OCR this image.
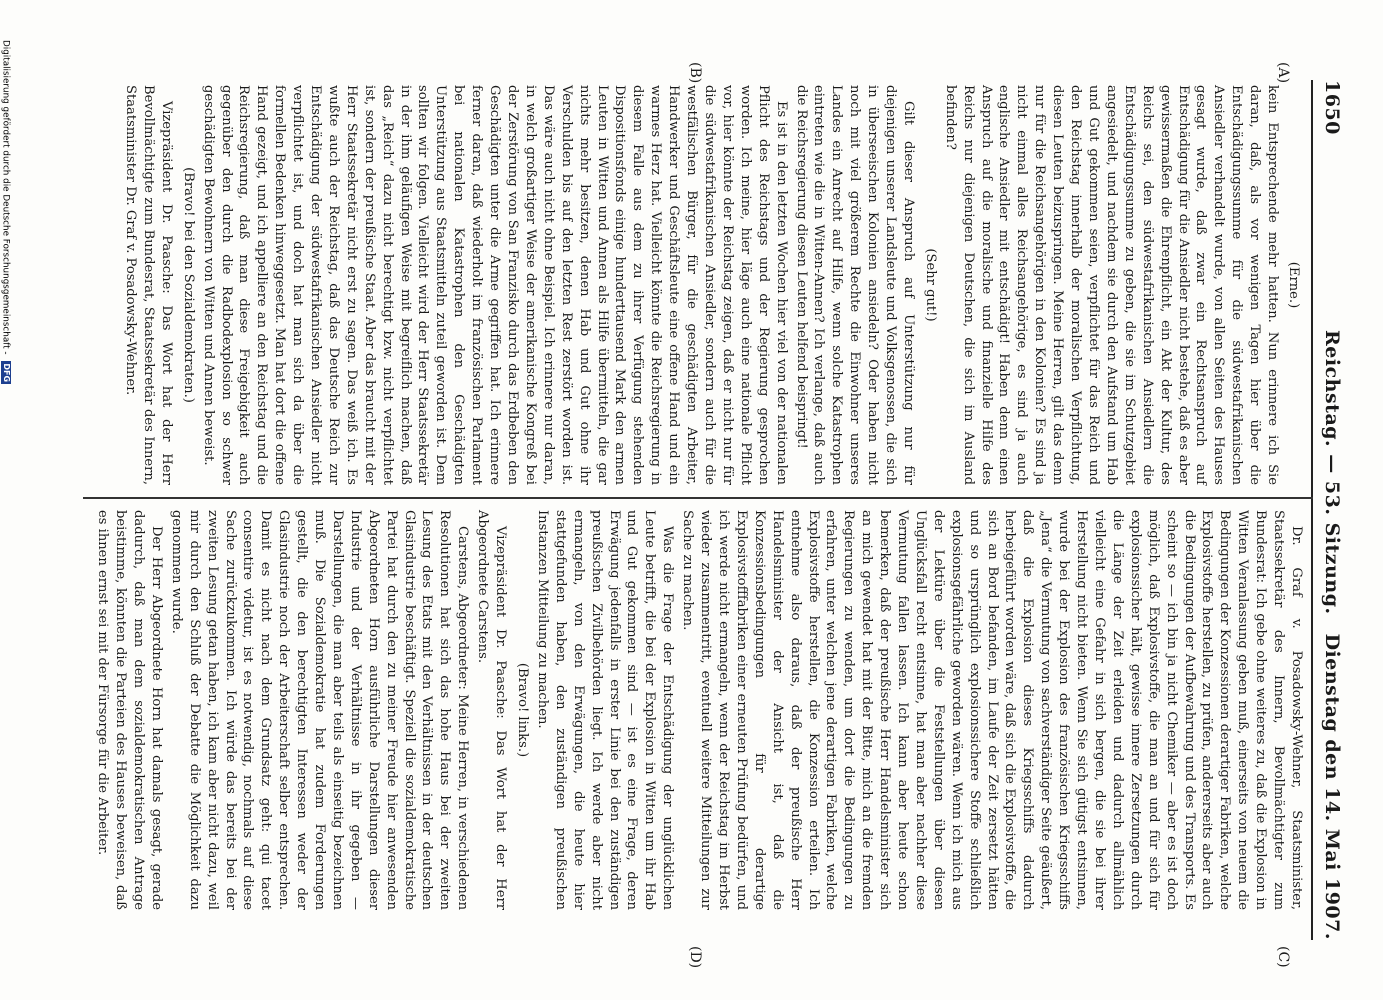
1650
Reichstag. — 53. Sitzung.
Dienstag den 14. Mai 1907.
(A)
(B)
(C)
(D)

(Erne.)

kein Entsprechende mehr hatten. Nun erinnere ich Sie daran, daß, als vor wenigen Tagen hier über die Entschädigungssumme für die südwestafrikanischen Ansiedler verhandelt wurde, von allen Seiten des Hauses gesagt wurde, daß zwar ein Rechtsanspruch auf Entschädigung für die Ansiedler nicht bestehe, daß es aber gewissermaßen die Ehrenpflicht, ein Akt der Kultur, des Reichs sei, den südwestafrikanischen Ansiedlern die Entschädigungssumme zu geben, die sie im Schutzgebiet angesiedelt, und nachdem sie durch den Aufstand um Hab und Gut gekommen seien, verpflichtet für das Reich und den Reichstag innerhalb der moralischen Verpflichtung, diesen Leuten beizuspringen. Meine Herren, gilt das denn nur für die Reichsangehörigen in den Kolonien? Es sind ja nicht einmal alles Reichsangehörige, es sind ja auch englische Ansiedler mit entschädigt! Haben denn einen Anspruch auf die moralische und finanzielle Hilfe des Reichs nur diejenigen Deutschen, die sich im Ausland befinden?

(Sehr gut!)

Gilt dieser Anspruch auf Unterstützung nur für diejenigen unserer Landsleute und Volksgenossen, die sich in überseeischen Kolonien ansiedeln? Oder haben nicht noch mit viel größerem Rechte die Einwohner unseres Landes ein Anrecht auf Hilfe, wenn solche Katastrophen eintreten wie die in Witten-Annen? Ich verlange, daß auch die Reichsregierung diesen Leuten helfend beispringt!

Es ist in den letzten Wochen hier viel von der nationalen Pflicht des Reichstags und der Regierung gesprochen worden. Ich meine, hier läge auch eine nationale Pflicht vor, hier könnte der Reichstag zeigen, daß er nicht nur für die südwestafrikanischen Ansiedler, sondern auch für die westfälischen Bürger, für die geschädigten Arbeiter, Handwerker und Geschäftsleute eine offene Hand und ein warmes Herz hat. Vielleicht könnte die Reichsregierung in diesem Falle aus dem zu ihrer Verfügung stehenden Dispositionsfonds einige hunderttausend Mark den armen Leuten in Witten und Annen als Hilfe übermitteln, die gar nichts mehr besitzen, denen Hab und Gut ohne ihr Verschulden bis auf den letzten Rest zerstört worden ist. Das wäre auch nicht ohne Beispiel. Ich erinnere nur daran, in welch großartiger Weise der amerikanische Kongreß bei der Zerstörung von San Franzisko durch das Erdbeben den Geschädigten unter die Arme gegriffen hat. Ich erinnere ferner daran, daß wiederholt im französischen Parlament bei nationalen Katastrophen den Geschädigten Unterstützung aus Staatsmitteln zuteil geworden ist. Dem sollten wir folgen. Vielleicht wird der Herr Staatssekretär in der ihm geläufigen Weise mit begreiflich machen, daß das „Reich“ dazu nicht berechtigt bzw. nicht verpflichtet ist, sondern der preußische Staat. Aber das braucht mit der Herr Staatssekretär nicht erst zu sagen. Das weiß ich. Es wußte auch der Reichstag, daß das Deutsche Reich zur Entschädigung der südwestafrikanischen Ansiedler nicht verpflichtet ist, und doch hat man sich da über die formellen Bedenken hinweggesetzt. Man hat dort die offene Hand gezeigt, und ich appelliere an den Reichstag und die Reichsregierung, daß man diese Freigebigkeit auch gegenüber den durch die Radbodexplosion so schwer geschädigten Bewohnern von Witten und Annen beweist.

(Bravo! bei den Sozialdemokraten.)

Vizepräsident Dr. Paasche: Das Wort hat der Herr Bevollmächtigte zum Bundesrat, Staatssekretär des Innern, Staatsminister Dr. Graf v. Posadowsky-Wehner.

Dr. Graf v. Posadowsky-Wehner, Staatsminister, Staatssekretär des Innern, Bevollmächtigter zum Bundesrat: Ich gebe ohne weiteres zu, daß die Explosion in Witten Veranlassung geben muß, einerseits von neuem die Bedingungen der Konzessionen derartiger Fabriken, welche Explosivstoffe herstellen, zu prüfen, andererseits aber auch die Bedingungen der Aufbewahrung und des Transports. Es scheint so — ich bin ja nicht Chemiker — aber es ist doch möglich, daß Explosivstoffe, die man an und für sich für explosionssicher hält, gewisse innere Zersetzungen durch die Länge der Zeit erleiden und dadurch allmählich vielleicht eine Gefahr in sich bergen, die sie bei ihrer Herstellung nicht bieten. Wenn Sie sich gütigst entsinnen, wurde bei der Explosion des französischen Kriegsschiffs „Jena“ die Vermutung von sachverständiger Seite geäußert, daß die Explosion dieses Kriegsschiffs dadurch herbeigeführt worden wäre, daß sich die Explosivstoffe, die sich an Bord befanden, im Laufe der Zeit zersetzt hätten und so ursprünglich explosionssichere Stoffe schließlich explosionsgefährliche geworden wären. Wenn ich mich aus der Lektüre über die Feststellungen über diesen Unglücksfall recht entsinne, hat man aber nachher diese Vermutung fallen lassen. Ich kann aber heute schon bemerken, daß der preußische Herr Handelsminister sich an mich gewendet hat mit der Bitte, mich an die fremden Regierungen zu wenden, um dort die Bedingungen zu erfahren, unter welchen jene derartigen Fabriken, welche Explosivstoffe herstellen, die Konzession erteilen. Ich entnehme also daraus, daß der preußische Herr Handelsminister der Ansicht ist, daß die Konzessionsbedingungen für derartige Explosivstofffabriken einer erneuten Prüfung bedürfen, und ich werde nicht ermangeln, wenn der Reichstag im Herbst wieder zusammentritt, eventuell weitere Mitteilungen zur Sache zu machen.

Was die Frage der Entschädigung der unglücklichen Leute betrifft, die bei der Explosion in Witten um ihr Hab und Gut gekommen sind — ist es eine Frage, deren Erwägung jedenfalls in erster Linie bei den zuständigen preußischen Zivilbehörden liegt. Ich werde aber nicht ermangeln, von den Erwägungen, die heute hier stattgefunden haben, den zuständigen preußischen Instanzen Mitteilung zu machen.

(Bravo! links.)

Vizepräsident Dr. Paasche: Das Wort hat der Herr Abgeordnete Carstens.

Carstens, Abgeordneter: Meine Herren, in verschiedenen Resolutionen hat sich das hohe Haus bei der zweiten Lesung des Etats mit den Verhältnissen in der deutschen Glasindustrie beschäftigt. Speziell die sozialdemokratische Partei hat durch den zu meiner Freude hier anwesenden Abgeordneten Horn ausführliche Darstellungen dieser Industrie und der Verhältnisse in ihr gegeben — Darstellungen, die man aber teils als einseitig bezeichnen muß. Die Sozialdemokratie hat zudem Forderungen gestellt, die den berechtigten Interessen weder der Glasindustrie noch der Arbeiterschaft selber entsprechen. Damit es nicht nach dem Grundsatz geht: qui tacet consentire videtur, ist es notwendig, nochmals auf diese Sache zurückzukommen. Ich würde das bereits bei der zweiten Lesung getan haben, ich kam aber nicht dazu, weil mir durch den Schluß der Debatte die Möglichkeit dazu genommen wurde.

Der Herr Abgeordnete Horn hat damals gesagt, gerade dadurch, daß man dem sozialdemokratischen Antrage beistimme, könnten die Parteien des Hauses beweisen, daß es ihnen ernst sei mit der Fürsorge für die Arbeiter.

Digitalisierung gefördert durch die Deutsche Forschungsgemeinschaft - DFG
